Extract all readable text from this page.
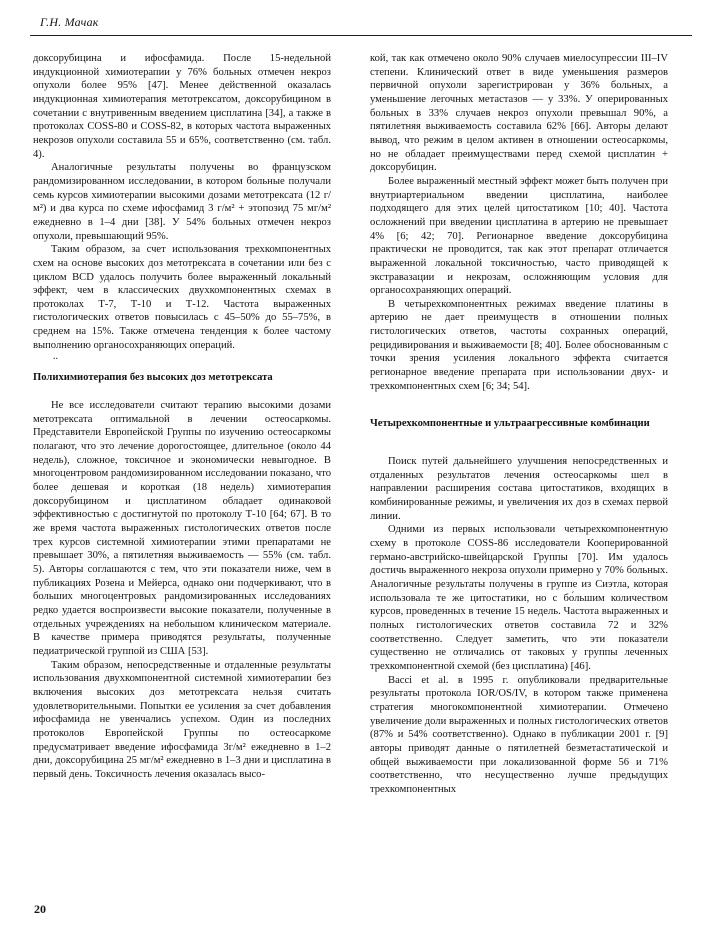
Г.Н. Мачак

доксорубицина и ифосфамида. После 15-недельной индукционной химиотерапии у 76% больных отмечен некроз опухоли более 95% [47]. Менее действенной оказалась индукционная химиотерапия метотрексатом, доксорубицином в сочетании с внутривенным введением цисплатина [34], а также в протоколах COSS-80 и COSS-82, в которых частота выраженных некрозов опухоли составила 55 и 65%, соответственно (см. табл. 4).

Аналогичные результаты получены во французском рандомизированном исследовании, в котором больные получали семь курсов химиотерапии высокими дозами метотрексата (12 г/м²) и два курса по схеме ифосфамид 3 г/м² + этопозид 75 мг/м² ежедневно в 1–4 дни [38]. У 54% больных отмечен некроз опухоли, превышающий 95%.

Таким образом, за счет использования трехкомпонентных схем на основе высоких доз метотрексата в сочетании или без с циклом BCD удалось получить более выраженный локальный эффект, чем в классических двухкомпонентных схемах в протоколах Т-7, Т-10 и Т-12. Частота выраженных гистологических ответов повысилась с 45–50% до 55–75%, в среднем на 15%. Также отмечена тенденция к более частому выполнению органосохраняющих операций.

..
Полихимиотерапия без высоких доз метотрексата

Не все исследователи считают терапию высокими дозами метотрексата оптимальной в лечении остеосаркомы. Представители Европейской Группы по изучению остеосаркомы полагают, что это лечение дорогостоящее, длительное (около 44 недель), сложное, токсичное и экономически невыгодное. В многоцентровом рандомизированном исследовании показано, что более дешевая и короткая (18 недель) химиотерапия доксорубицином и цисплатином обладает одинаковой эффективностью с достигнутой по протоколу Т-10 [64; 67]. В то же время частота выраженных гистологических ответов после трех курсов системной химиотерапии этими препаратами не превышает 30%, а пятилетняя выживаемость — 55% (см. табл. 5). Авторы соглашаются с тем, что эти показатели ниже, чем в публикациях Розена и Мейерса, однако они подчеркивают, что в больших многоцентровых рандомизированных исследованиях редко удается воспроизвести высокие показатели, полученные в отдельных учреждениях на небольшом клиническом материале. В качестве примера приводятся результаты, полученные педиатрической группой из США [53].

Таким образом, непосредственные и отдаленные результаты использования двухкомпонентной системной химиотерапии без включения высоких доз метотрексата нельзя считать удовлетворительными. Попытки ее усиления за счет добавления ифосфамида не увенчались успехом. Один из последних протоколов Европейской Группы по остеосаркоме предусматривает введение ифосфамида 3г/м² ежедневно в 1–2 дни, доксорубицина 25 мг/м² ежедневно в 1–3 дни и цисплатина в первый день. Токсичность лечения оказалась высо-

кой, так как отмечено около 90% случаев миелосупрессии III–IV степени. Клинический ответ в виде уменьшения размеров первичной опухоли зарегистрирован у 36% больных, а уменьшение легочных метастазов — у 33%. У оперированных больных в 33% случаев некроз опухоли превышал 90%, а пятилетняя выживаемость составила 62% [66]. Авторы делают вывод, что режим в целом активен в отношении остеосаркомы, но не обладает преимуществами перед схемой цисплатин + доксорубицин.

Более выраженный местный эффект может быть получен при внутриартериальном введении цисплатина, наиболее подходящего для этих целей цитостатиком [10; 40]. Частота осложнений при введении цисплатина в артерию не превышает 4% [6; 42; 70]. Регионарное введение доксорубицина практически не проводится, так как этот препарат отличается выраженной локальной токсичностью, часто приводящей к экстравазации и некрозам, осложняющим условия для органосохраняющих операций.

В четырехкомпонентных режимах введение платины в артерию не дает преимуществ в отношении полных гистологических ответов, частоты сохранных операций, рецидивирования и выживаемости [8; 40]. Более обоснованным с точки зрения усиления локального эффекта считается регионарное введение препарата при использовании двух- и трехкомпонентных схем [6; 34; 54].

Четырехкомпонентные и ультраагрессивные комбинации

Поиск путей дальнейшего улучшения непосредственных и отдаленных результатов лечения остеосаркомы шел в направлении расширения состава цитостатиков, входящих в комбинированные режимы, и увеличения их доз в схемах первой линии.

Одними из первых использовали четырехкомпонентную схему в протоколе COSS-86 исследователи Кооперированной германо-австрийско-швейцарской Группы [70]. Им удалось достичь выраженного некроза опухоли примерно у 70% больных. Аналогичные результаты получены в группе из Сиэтла, которая использовала те же цитостатики, но с бо́льшим количеством курсов, проведенных в течение 15 недель. Частота выраженных и полных гистологических ответов составила 72 и 32% соответственно. Следует заметить, что эти показатели существенно не отличались от таковых у группы леченных трехкомпонентной схемой (без цисплатина) [46].

Bacci et al. в 1995 г. опубликовали предварительные результаты протокола IOR/OS/IV, в котором также применена стратегия многокомпонентной химиотерапии. Отмечено увеличение доли выраженных и полных гистологических ответов (87% и 54% соответственно). Однако в публикации 2001 г. [9] авторы приводят данные о пятилетней безметастатической и общей выживаемости при локализованной форме 56 и 71% соответственно, что несущественно лучше предыдущих трехкомпонентных

20
